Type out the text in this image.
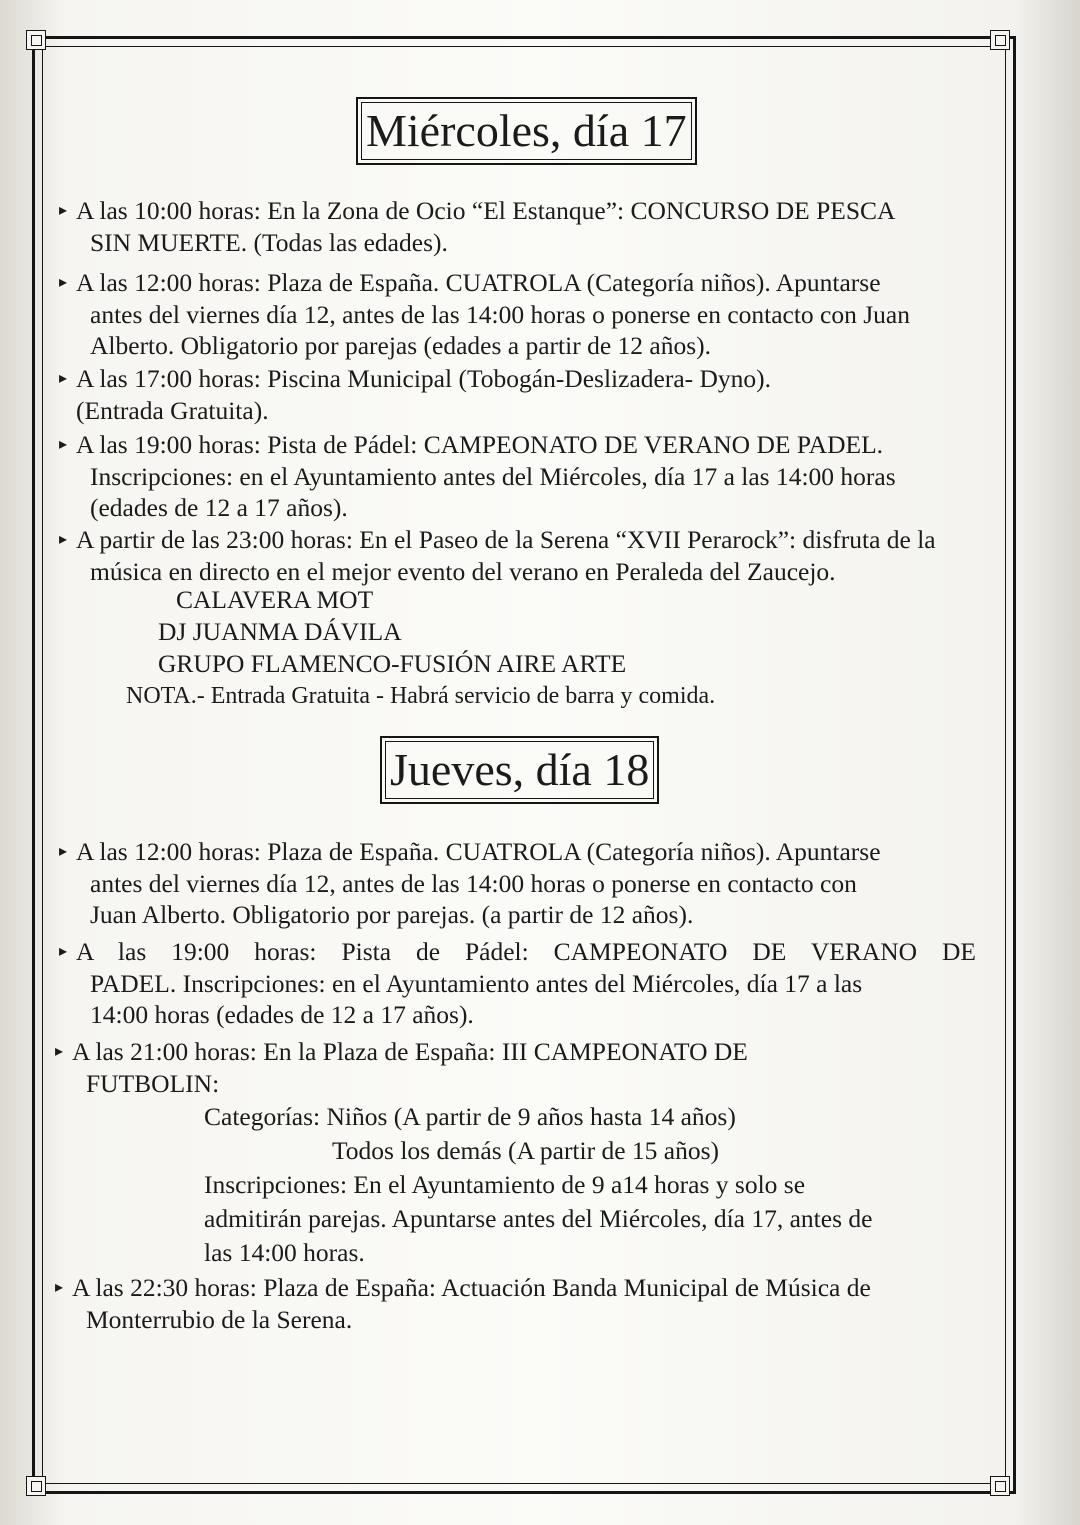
Miércoles, día 17
▸ A las 10:00 horas: En la Zona de Ocio “El Estanque”: CONCURSO DE PESCA
SIN MUERTE. (Todas las edades).
▸ A las 12:00 horas: Plaza de España. CUATROLA (Categoría niños). Apuntarse
antes del viernes día 12, antes de las 14:00 horas o ponerse en contacto con Juan
Alberto. Obligatorio por parejas (edades a partir de 12 años).
▸ A las 17:00 horas: Piscina Municipal (Tobogán-Deslizadera- Dyno).
(Entrada Gratuita).
▸ A las 19:00 horas: Pista de Pádel: CAMPEONATO DE VERANO DE PADEL.
Inscripciones: en el Ayuntamiento antes del Miércoles, día 17 a las 14:00 horas
(edades de 12 a 17 años).
▸ A partir de las 23:00 horas: En el Paseo de la Serena “XVII Perarock”: disfruta de la
música en directo en el mejor evento del verano en Peraleda del Zaucejo.
CALAVERA MOT
DJ JUANMA DÁVILA
GRUPO FLAMENCO-FUSIÓN AIRE ARTE
NOTA.- Entrada Gratuita - Habrá servicio de barra y comida.
Jueves, día 18
▸ A las 12:00 horas: Plaza de España. CUATROLA (Categoría niños). Apuntarse
antes del viernes día 12, antes de las 14:00 horas o ponerse en contacto con
Juan Alberto. Obligatorio por parejas. (a partir de 12 años).
▸ A las 19:00 horas: Pista de Pádel: CAMPEONATO DE VERANO DE
PADEL. Inscripciones: en el Ayuntamiento antes del Miércoles, día 17 a las
14:00 horas (edades de 12 a 17 años).
▸ A las 21:00 horas: En la Plaza de España: III CAMPEONATO DE
FUTBOLIN:
Categorías: Niños (A partir de 9 años hasta 14 años)
Todos los demás (A partir de 15 años)
Inscripciones: En el Ayuntamiento de 9 a14 horas y solo se
admitirán parejas. Apuntarse antes del Miércoles, día 17, antes de
las 14:00 horas.
▸ A las 22:30 horas: Plaza de España: Actuación Banda Municipal de Música de
Monterrubio de la Serena.
